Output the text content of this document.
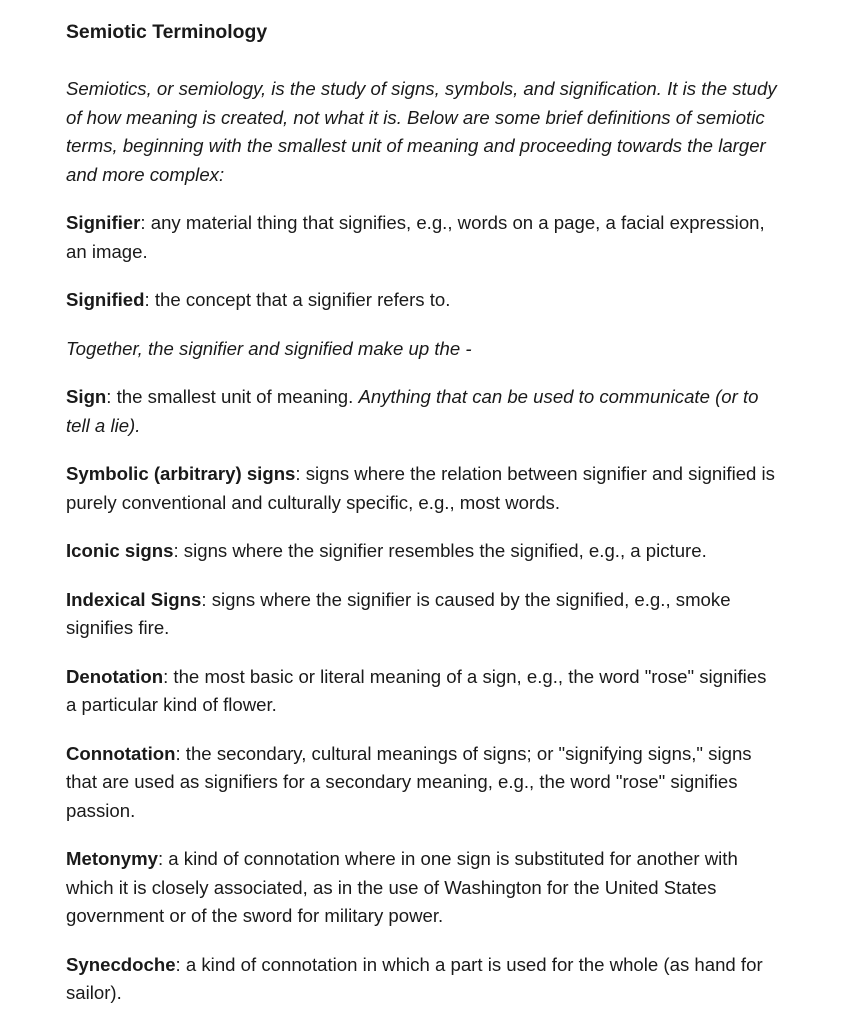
Semiotic Terminology

Semiotics, or semiology, is the study of signs, symbols, and signification. It is the study of how meaning is created, not what it is. Below are some brief definitions of semiotic terms, beginning with the smallest unit of meaning and proceeding towards the larger and more complex:

Signifier: any material thing that signifies, e.g., words on a page, a facial expression, an image.

Signified: the concept that a signifier refers to.

Together, the signifier and signified make up the -

Sign: the smallest unit of meaning. Anything that can be used to communicate (or to tell a lie).

Symbolic (arbitrary) signs: signs where the relation between signifier and signified is purely conventional and culturally specific, e.g., most words.

Iconic signs: signs where the signifier resembles the signified, e.g., a picture.

Indexical Signs: signs where the signifier is caused by the signified, e.g., smoke signifies fire.

Denotation: the most basic or literal meaning of a sign, e.g., the word "rose" signifies a particular kind of flower.

Connotation: the secondary, cultural meanings of signs; or "signifying signs," signs that are used as signifiers for a secondary meaning, e.g., the word "rose" signifies passion.

Metonymy: a kind of connotation where in one sign is substituted for another with which it is closely associated, as in the use of Washington for the United States government or of the sword for military power.

Synecdoche: a kind of connotation in which a part is used for the whole (as hand for sailor).
